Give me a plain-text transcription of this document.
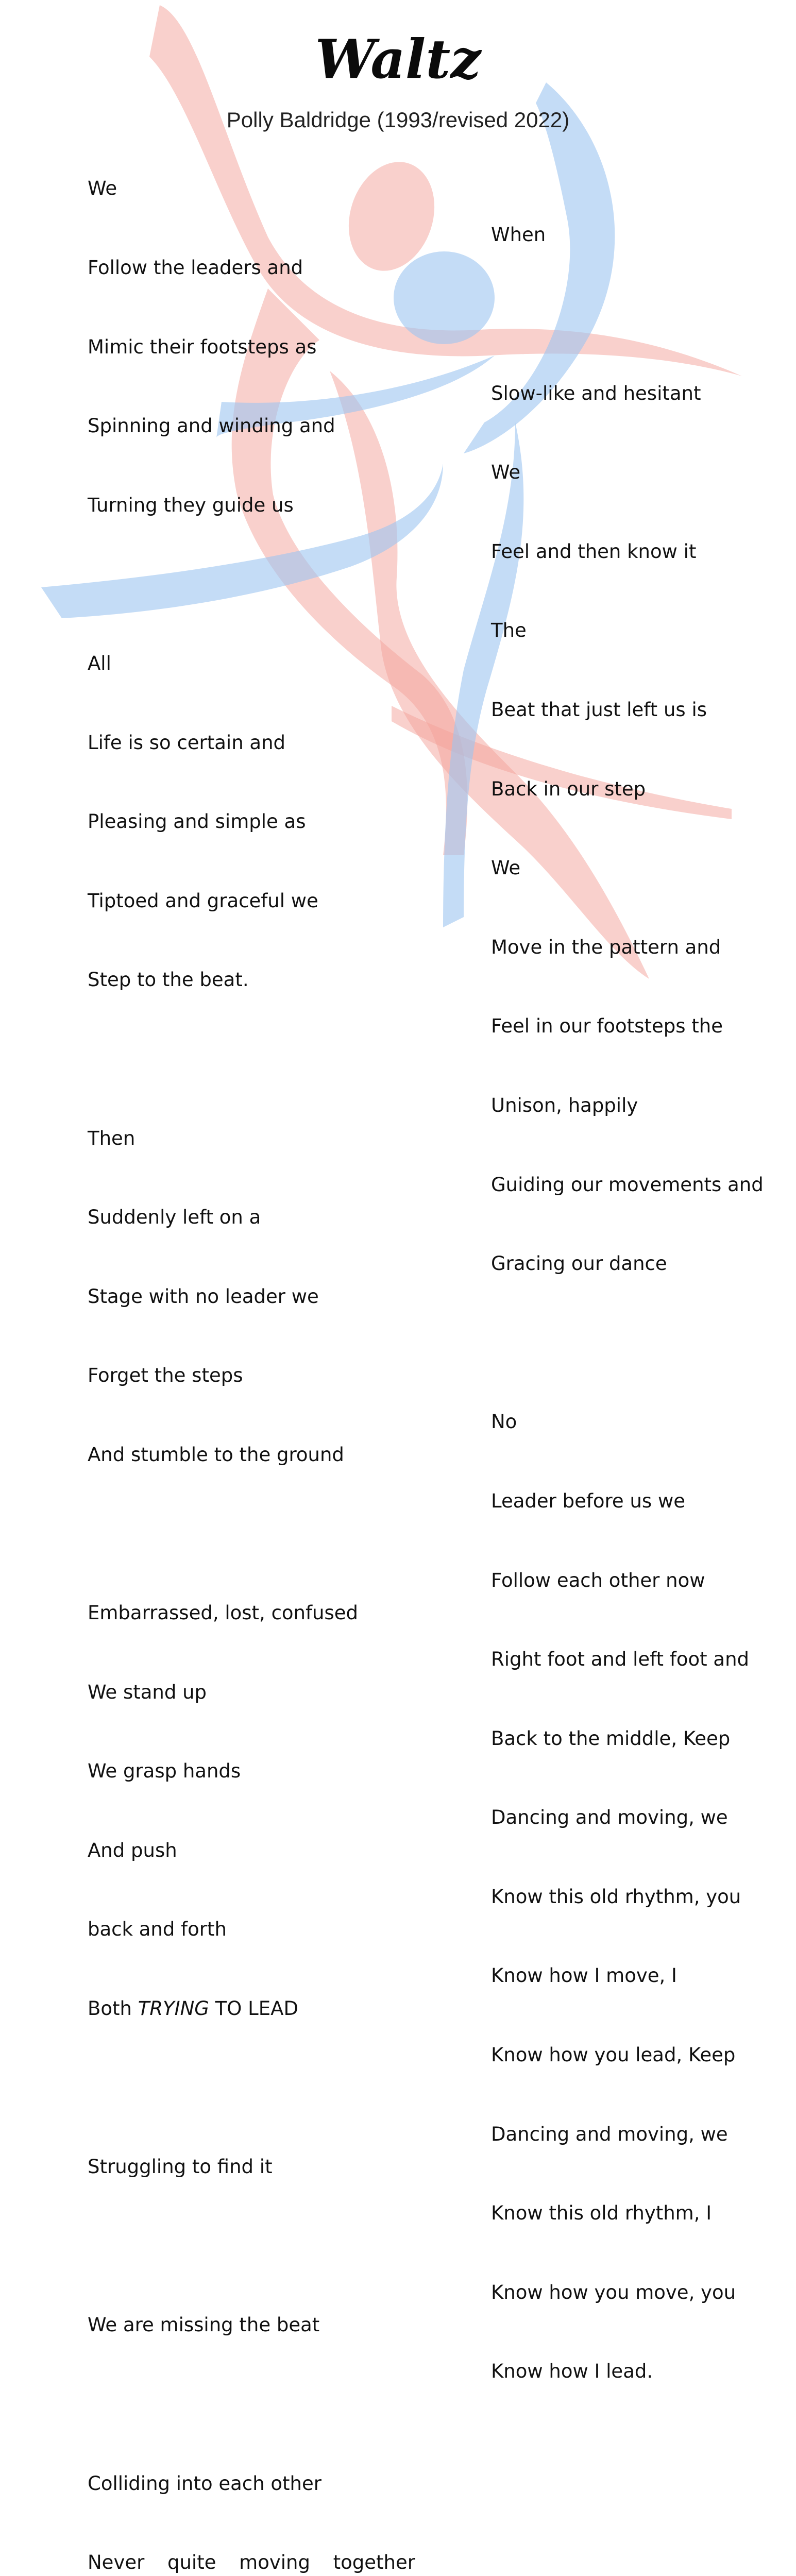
Waltz
Polly Baldridge (1993/revised 2022)

We

Follow the leaders and

Mimic their footsteps as

Spinning and winding and

Turning they guide us

All

Life is so certain and

Pleasing and simple as

Tiptoed and graceful we

Step to the beat.

Then

Suddenly left on a

Stage with no leader we

Forget the steps

And stumble to the ground

Embarrassed, lost, confused

We stand up

We grasp hands

And push

back and forth

Both TRYING TO LEAD

Struggling to find it

We are missing the beat

Colliding into each other

Never quite moving together

When

Slow-like and hesitant

We

Feel and then know it

The

Beat that just left us is

Back in our step

We

Move in the pattern and

Feel in our footsteps the

Unison, happily

Guiding our movements and

Gracing our dance

No

Leader before us we

Follow each other now

Right foot and left foot and

Back to the middle, Keep

Dancing and moving, we

Know this old rhythm, you

Know how I move, I

Know how you lead, Keep

Dancing and moving, we

Know this old rhythm, I

Know how you move, you

Know how I lead.
